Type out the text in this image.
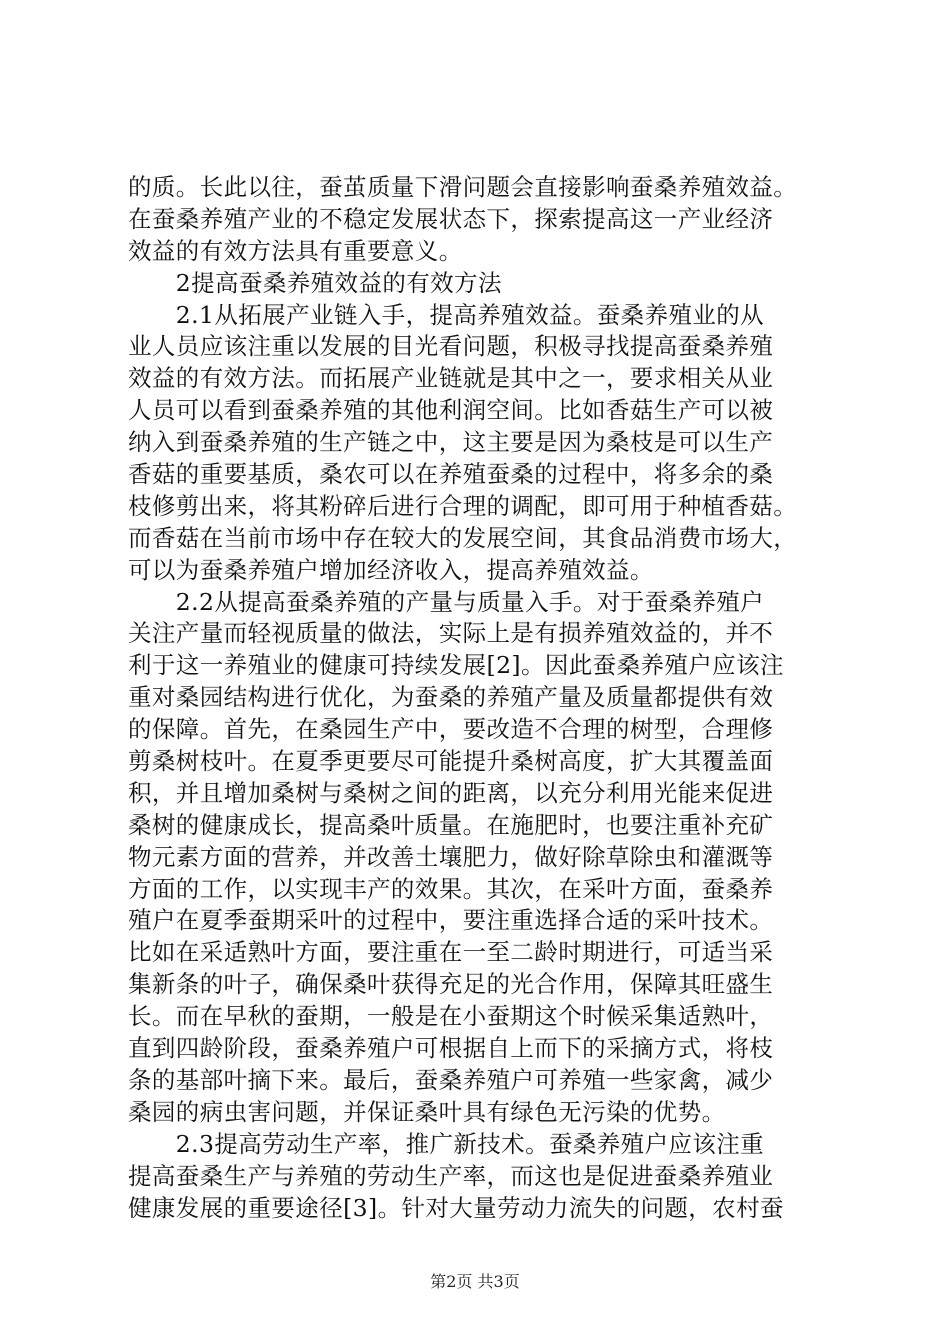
的质。长此以往，蚕茧质量下滑问题会直接影响蚕桑养殖效益。
在蚕桑养殖产业的不稳定发展状态下，探索提高这一产业经济
效益的有效方法具有重要意义。
　　2提高蚕桑养殖效益的有效方法
　　2.1从拓展产业链入手，提高养殖效益。蚕桑养殖业的从
业人员应该注重以发展的目光看问题，积极寻找提高蚕桑养殖
效益的有效方法。而拓展产业链就是其中之一，要求相关从业
人员可以看到蚕桑养殖的其他利润空间。比如香菇生产可以被
纳入到蚕桑养殖的生产链之中，这主要是因为桑枝是可以生产
香菇的重要基质，桑农可以在养殖蚕桑的过程中，将多余的桑
枝修剪出来，将其粉碎后进行合理的调配，即可用于种植香菇。
而香菇在当前市场中存在较大的发展空间，其食品消费市场大，
可以为蚕桑养殖户增加经济收入，提高养殖效益。
　　2.2从提高蚕桑养殖的产量与质量入手。对于蚕桑养殖户
关注产量而轻视质量的做法，实际上是有损养殖效益的，并不
利于这一养殖业的健康可持续发展[2]。因此蚕桑养殖户应该注
重对桑园结构进行优化，为蚕桑的养殖产量及质量都提供有效
的保障。首先，在桑园生产中，要改造不合理的树型，合理修
剪桑树枝叶。在夏季更要尽可能提升桑树高度，扩大其覆盖面
积，并且增加桑树与桑树之间的距离，以充分利用光能来促进
桑树的健康成长，提高桑叶质量。在施肥时，也要注重补充矿
物元素方面的营养，并改善土壤肥力，做好除草除虫和灌溉等
方面的工作，以实现丰产的效果。其次，在采叶方面，蚕桑养
殖户在夏季蚕期采叶的过程中，要注重选择合适的采叶技术。
比如在采适熟叶方面，要注重在一至二龄时期进行，可适当采
集新条的叶子，确保桑叶获得充足的光合作用，保障其旺盛生
长。而在早秋的蚕期，一般是在小蚕期这个时候采集适熟叶，
直到四龄阶段，蚕桑养殖户可根据自上而下的采摘方式，将枝
条的基部叶摘下来。最后，蚕桑养殖户可养殖一些家禽，减少
桑园的病虫害问题，并保证桑叶具有绿色无污染的优势。
　　2.3提高劳动生产率，推广新技术。蚕桑养殖户应该注重
提高蚕桑生产与养殖的劳动生产率，而这也是促进蚕桑养殖业
健康发展的重要途径[3]。针对大量劳动力流失的问题，农村蚕
第2页 共3页
